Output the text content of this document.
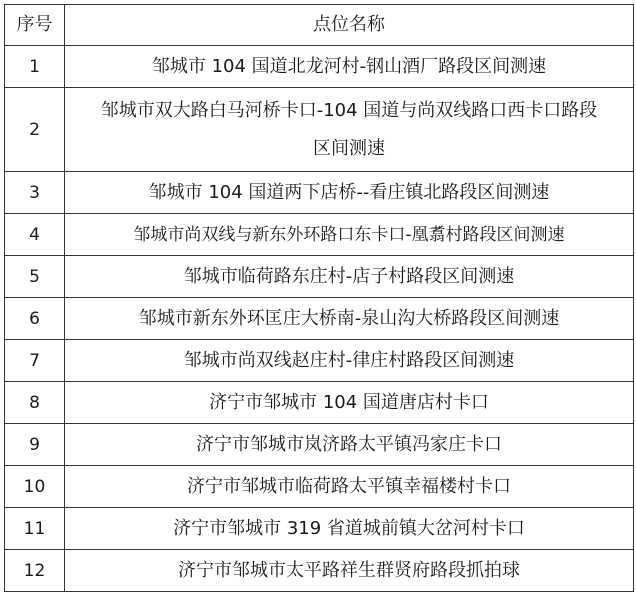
序号	点位名称
1	邹城市 104 国道北龙河村-钢山酒厂路段区间测速
2	邹城市双大路白马河桥卡口-104 国道与尚双线路口西卡口路段区间测速
3	邹城市 104 国道两下店桥--看庄镇北路段区间测速
4	邹城市尚双线与新东外环路口东卡口-凰翥村路段区间测速
5	邹城市临荷路东庄村-店子村路段区间测速
6	邹城市新东外环匡庄大桥南-泉山沟大桥路段区间测速
7	邹城市尚双线赵庄村-律庄村路段区间测速
8	济宁市邹城市 104 国道唐店村卡口
9	济宁市邹城市岚济路太平镇冯家庄卡口
10	济宁市邹城市临荷路太平镇幸福楼村卡口
11	济宁市邹城市 319 省道城前镇大岔河村卡口
12	济宁市邹城市太平路祥生群贤府路段抓拍球
